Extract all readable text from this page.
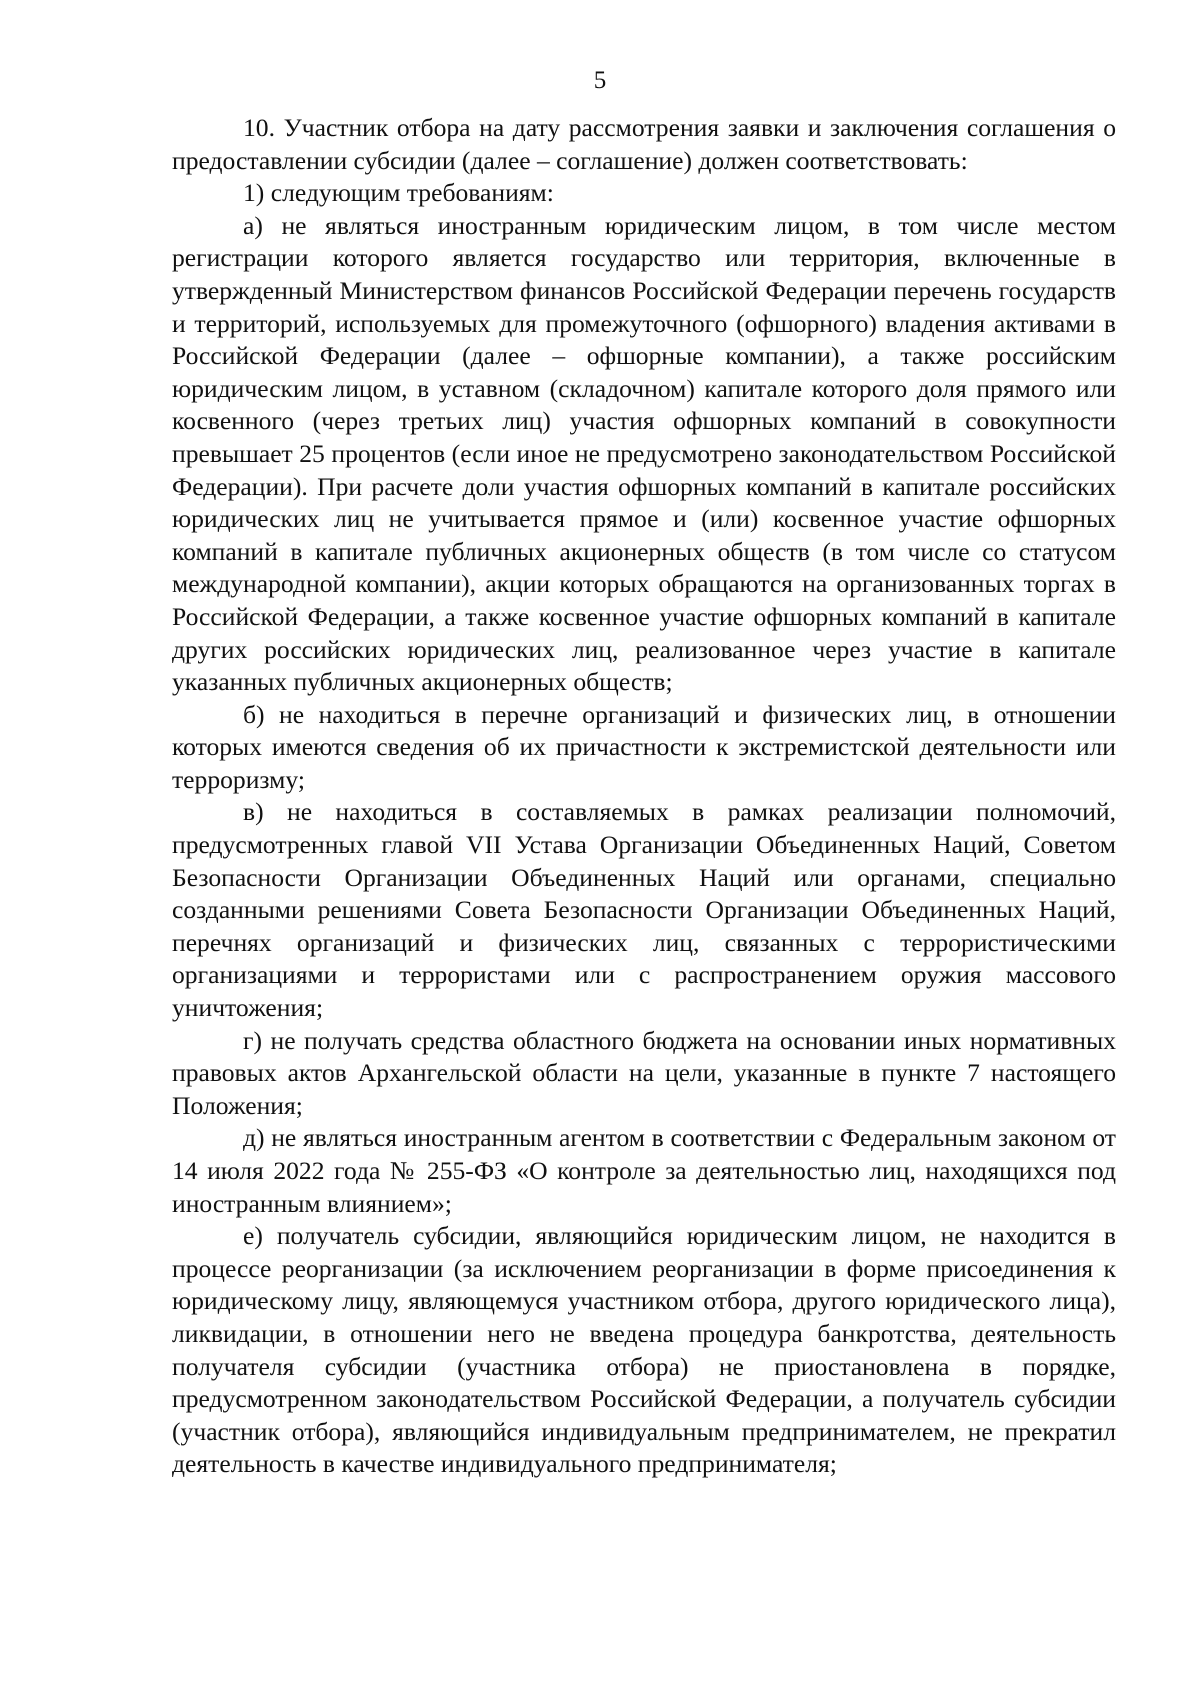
5

10. Участник отбора на дату рассмотрения заявки и заключения соглашения о предоставлении субсидии (далее – соглашение) должен соответствовать:

1) следующим требованиям:

а) не являться иностранным юридическим лицом, в том числе местом регистрации которого является государство или территория, включенные в утвержденный Министерством финансов Российской Федерации перечень государств и территорий, используемых для промежуточного (офшорного) владения активами в Российской Федерации (далее – офшорные компании), а также российским юридическим лицом, в уставном (складочном) капитале которого доля прямого или косвенного (через третьих лиц) участия офшорных компаний в совокупности превышает 25 процентов (если иное не предусмотрено законодательством Российской Федерации). При расчете доли участия офшорных компаний в капитале российских юридических лиц не учитывается прямое и (или) косвенное участие офшорных компаний в капитале публичных акционерных обществ (в том числе со статусом международной компании), акции которых обращаются на организованных торгах в Российской Федерации, а также косвенное участие офшорных компаний в капитале других российских юридических лиц, реализованное через участие в капитале указанных публичных акционерных обществ;

б) не находиться в перечне организаций и физических лиц, в отношении которых имеются сведения об их причастности к экстремистской деятельности или терроризму;

в) не находиться в составляемых в рамках реализации полномочий, предусмотренных главой VII Устава Организации Объединенных Наций, Советом Безопасности Организации Объединенных Наций или органами, специально созданными решениями Совета Безопасности Организации Объединенных Наций, перечнях организаций и физических лиц, связанных с террористическими организациями и террористами или с распространением оружия массового уничтожения;

г) не получать средства областного бюджета на основании иных нормативных правовых актов Архангельской области на цели, указанные в пункте 7 настоящего Положения;

д) не являться иностранным агентом в соответствии с Федеральным законом от 14 июля 2022 года № 255-ФЗ «О контроле за деятельностью лиц, находящихся под иностранным влиянием»;

е) получатель субсидии, являющийся юридическим лицом, не находится в процессе реорганизации (за исключением реорганизации в форме присоединения к юридическому лицу, являющемуся участником отбора, другого юридического лица), ликвидации, в отношении него не введена процедура банкротства, деятельность получателя субсидии (участника отбора) не приостановлена в порядке, предусмотренном законодательством Российской Федерации, а получатель субсидии (участник отбора), являющийся индивидуальным предпринимателем, не прекратил деятельность в качестве индивидуального предпринимателя;
